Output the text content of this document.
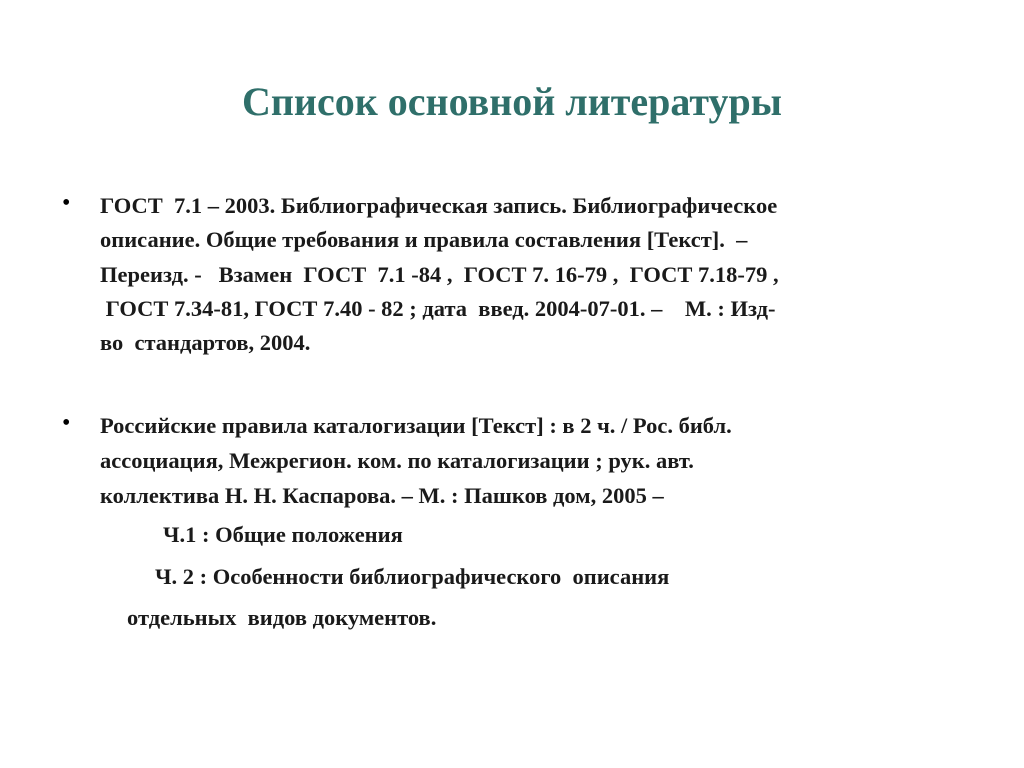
Список основной литературы
• ГОСТ  7.1 – 2003. Библиографическая запись. Библиографическое
описание. Общие требования и правила составления [Текст].  –
Переизд. -   Взамен  ГОСТ  7.1 -84 ,  ГОСТ 7. 16-79 ,  ГОСТ 7.18-79 ,
ГОСТ 7.34-81, ГОСТ 7.40 - 82 ; дата  введ. 2004-07-01. –    М. : Изд-
во  стандартов, 2004.
• Российские правила каталогизации [Текст] : в 2 ч. / Рос. библ.
ассоциация, Межрегион. ком. по каталогизации ; рук. авт.
коллектива Н. Н. Каспарова. – М. : Пашков дом, 2005 –
Ч.1 : Общие положения
Ч. 2 : Особенности библиографического  описания
отдельных  видов документов.
